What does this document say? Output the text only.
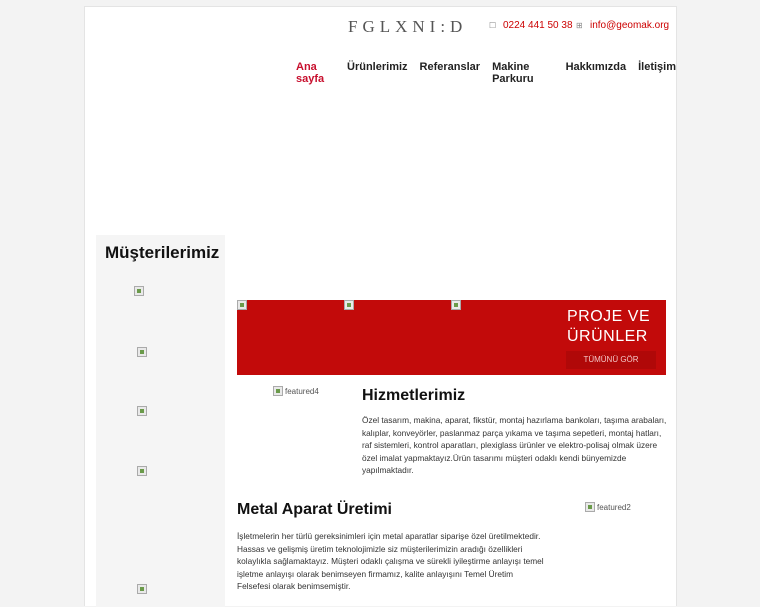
FGLXNI:D	☐ 0224 441 50 38 ⊞ info@geomak.org
Ana sayfa
Ürünlerimiz Referanslar Makine Parkuru
Hakkımızda İletişim
Müşterilerimiz
PROJE VE
ÜRÜNLER
TÜMÜNÜ GÖR
featured4	Hizmetlerimiz

Özel tasarım, makina, aparat, fikstür, montaj hazırlama bankoları, taşıma arabaları, kalıplar, konveyörler, paslanmaz parça yıkama ve taşıma sepetleri, montaj hatları, raf sistemleri, kontrol aparatları, plexiglass ürünler ve elektro-polisaj olmak üzere özel imalat yapmaktayız.Ürün tasarımı müşteri odaklı kendi bünyemizde yapılmaktadır.

Metal Aparat Üretimi

İşletmelerin her türlü gereksinimleri için metal aparatlar siparişe özel üretilmektedir. Hassas ve gelişmiş üretim teknolojimizle siz müşterilerimizin aradığı özellikleri kolaylıkla sağlamaktayız. Müşteri odaklı çalışma ve sürekli iyileştirme anlayışı temel işletme anlayışı olarak benimseyen firmamız, kalite anlayışını Temel Üretim Felsefesi olarak benimsemiştir.

featured2
